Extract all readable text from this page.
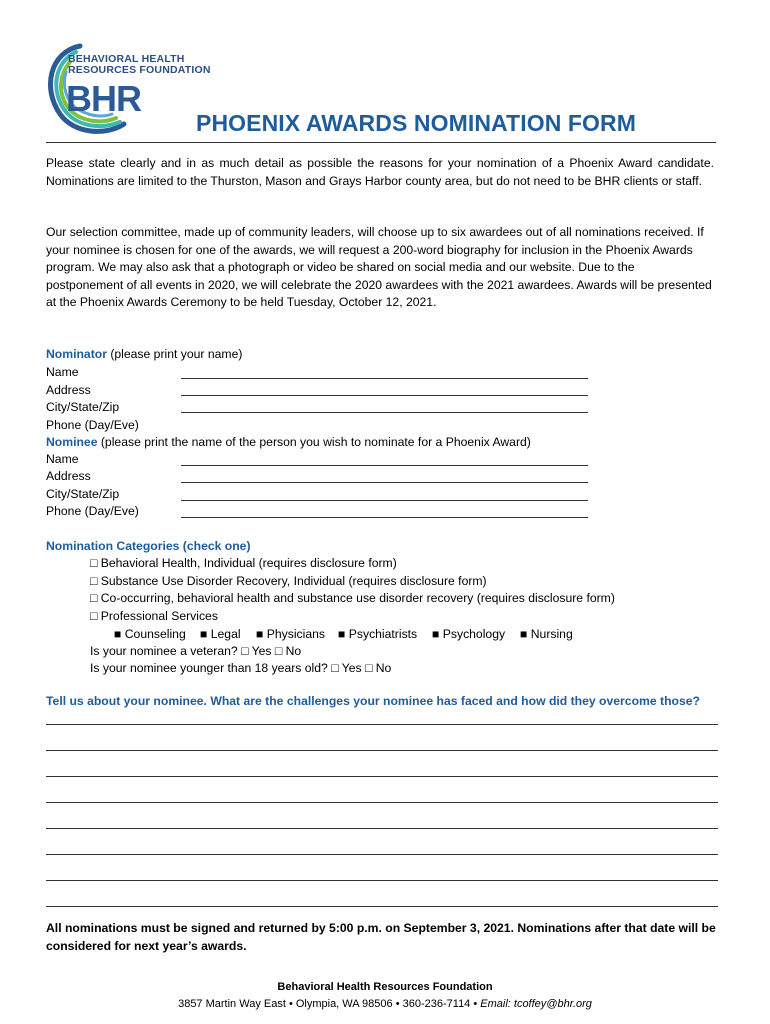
BEHAVIORAL HEALTH
RESOURCES FOUNDATION
BHR
PHOENIX AWARDS NOMINATION FORM
Please state clearly and in as much detail as possible the reasons for your nomination of a Phoenix Award candidate. Nominations are limited to the Thurston, Mason and Grays Harbor county area, but do not need to be BHR clients or staff.
Our selection committee, made up of community leaders, will choose up to six awardees out of all nominations received. If your nominee is chosen for one of the awards, we will request a 200-word biography for inclusion in the Phoenix Awards program. We may also ask that a photograph or video be shared on social media and our website. Due to the postponement of all events in 2020, we will celebrate the 2020 awardees with the 2021 awardees. Awards will be presented at the Phoenix Awards Ceremony to be held Tuesday, October 12, 2021.
Nominator (please print your name)
Name
Address
City/State/Zip
Phone (Day/Eve)
Nominee (please print the name of the person you wish to nominate for a Phoenix Award)
Name
Address
City/State/Zip
Phone (Day/Eve)
Nomination Categories (check one)
□ Behavioral Health, Individual (requires disclosure form)
□ Substance Use Disorder Recovery, Individual (requires disclosure form)
□ Co-occurring, behavioral health and substance use disorder recovery (requires disclosure form)
□ Professional Services
■ Counseling ■ Legal ■ Physicians ■ Psychiatrists ■ Psychology ■ Nursing
Is your nominee a veteran? □ Yes □ No
Is your nominee younger than 18 years old? □ Yes □ No
Tell us about your nominee. What are the challenges your nominee has faced and how did they overcome those?
All nominations must be signed and returned by 5:00 p.m. on September 3, 2021. Nominations after that date will be considered for next year’s awards.
Behavioral Health Resources Foundation
3857 Martin Way East • Olympia, WA 98506 • 360-236-7114 • Email: tcoffey@bhr.org
